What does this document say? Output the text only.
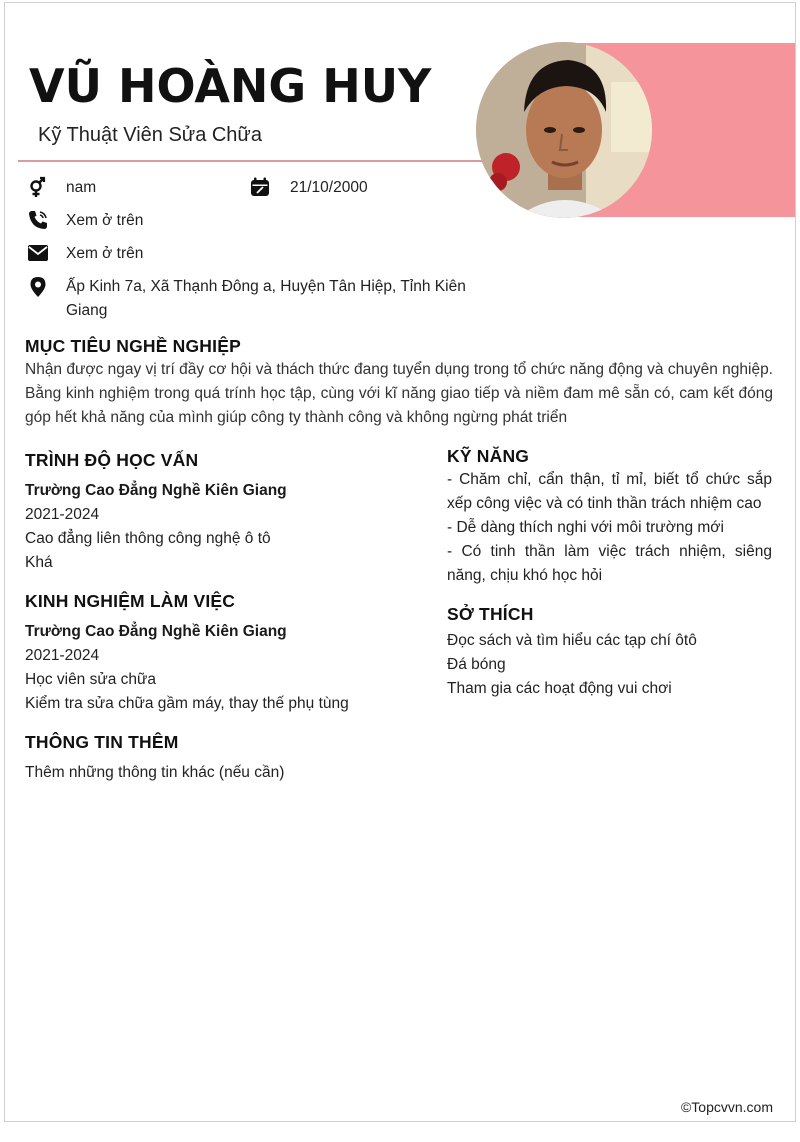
VŨ HOÀNG HUY
Kỹ Thuật Viên Sửa Chữa
nam	21/10/2000
Xem ở trên
Xem ở trên
Ấp Kinh 7a, Xã Thạnh Đông a, Huyện Tân Hiệp, Tỉnh Kiên
Giang
MỤC TIÊU NGHỀ NGHIỆP
Nhận được ngay vị trí đầy cơ hội và thách thức đang tuyển dụng trong tổ chức năng động và chuyên nghiệp. Bằng kinh nghiệm trong quá trính học tập, cùng với kĩ năng giao tiếp và niềm đam mê sẵn có, cam kết đóng góp hết khả năng của mình giúp công ty thành công và không ngừng phát triển
TRÌNH ĐỘ HỌC VẤN
Trường Cao Đẳng Nghề Kiên Giang
2021-2024
Cao đẳng liên thông công nghệ ô tô
Khá
KINH NGHIỆM LÀM VIỆC
Trường Cao Đẳng Nghề Kiên Giang
2021-2024
Học viên sửa chữa
Kiểm tra sửa chữa gầm máy, thay thế phụ tùng
THÔNG TIN THÊM
Thêm những thông tin khác (nếu cần)
KỸ NĂNG
- Chăm chỉ, cẩn thận, tỉ mỉ, biết tổ chức sắp xếp công việc và có tinh thần trách nhiệm cao
- Dễ dàng thích nghi với môi trường mới
- Có tinh thần làm việc trách nhiệm, siêng năng, chịu khó học hỏi
SỞ THÍCH
Đọc sách và tìm hiểu các tạp chí ôtô
Đá bóng
Tham gia các hoạt động vui chơi
©Topcvvn.com
